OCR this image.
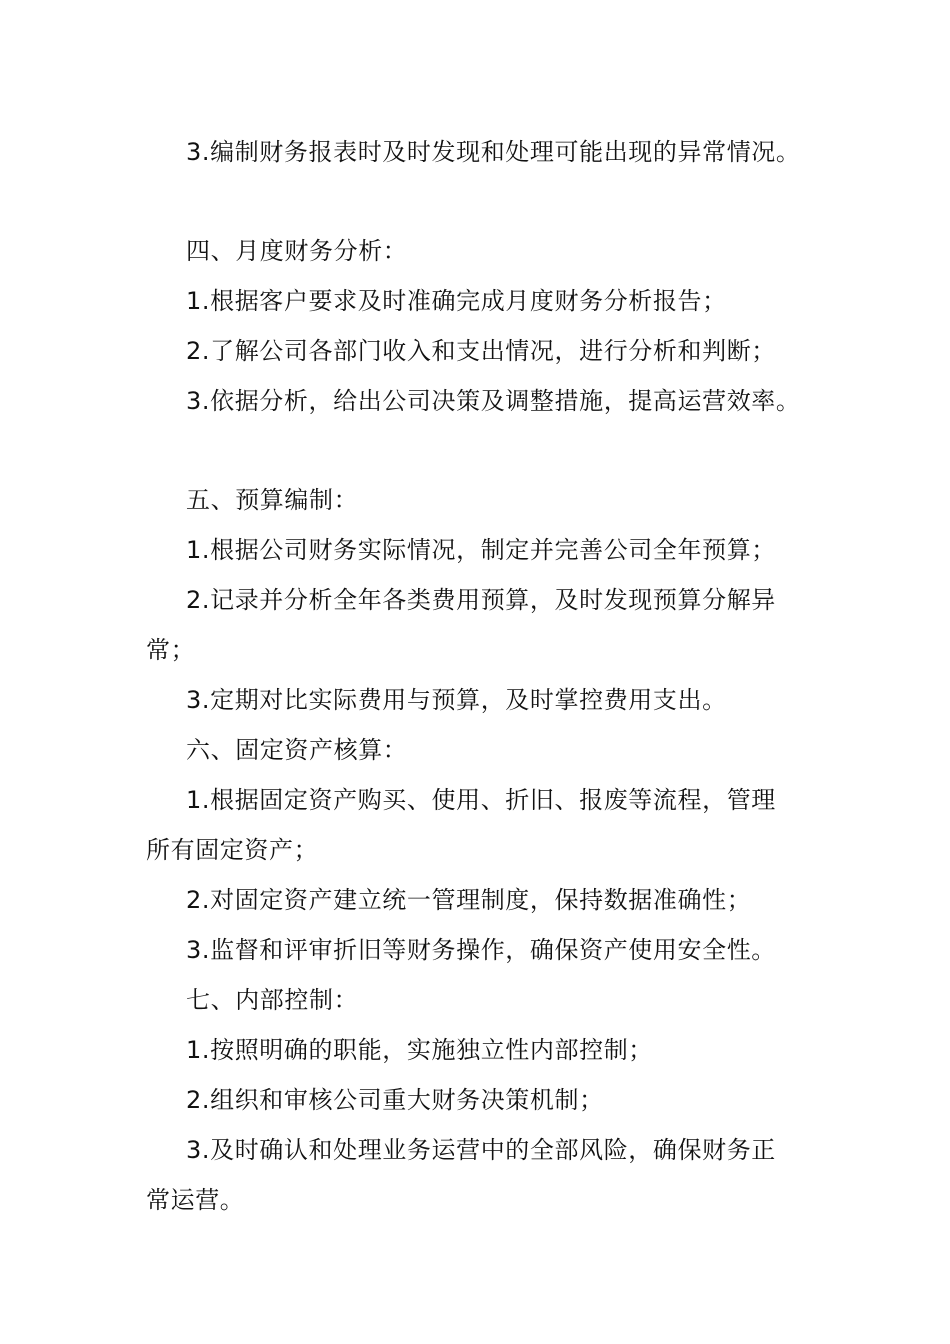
3.编制财务报表时及时发现和处理可能出现的异常情况。
四、月度财务分析：
1.根据客户要求及时准确完成月度财务分析报告；
2.了解公司各部门收入和支出情况，进行分析和判断；
3.依据分析，给出公司决策及调整措施，提高运营效率。
五、预算编制：
1.根据公司财务实际情况，制定并完善公司全年预算；
2.记录并分析全年各类费用预算，及时发现预算分解异
常；
3.定期对比实际费用与预算，及时掌控费用支出。
六、固定资产核算：
1.根据固定资产购买、使用、折旧、报废等流程，管理
所有固定资产；
2.对固定资产建立统一管理制度，保持数据准确性；
3.监督和评审折旧等财务操作，确保资产使用安全性。
七、内部控制：
1.按照明确的职能，实施独立性内部控制；
2.组织和审核公司重大财务决策机制；
3.及时确认和处理业务运营中的全部风险，确保财务正
常运营。
